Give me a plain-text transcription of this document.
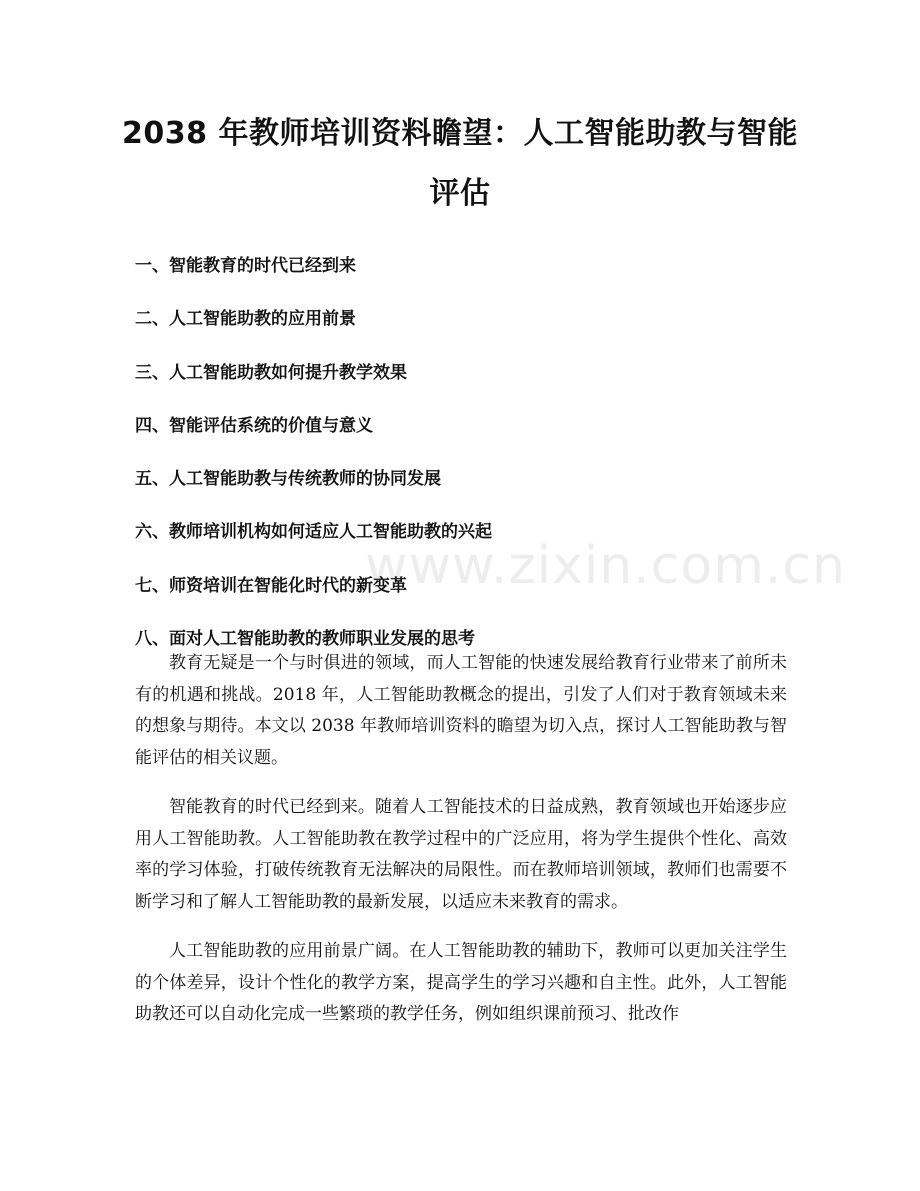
2038 年教师培训资料瞻望：人工智能助教与智能评估
一、智能教育的时代已经到来
二、人工智能助教的应用前景
三、人工智能助教如何提升教学效果
四、智能评估系统的价值与意义
五、人工智能助教与传统教师的协同发展
六、教师培训机构如何适应人工智能助教的兴起
七、师资培训在智能化时代的新变革
八、面对人工智能助教的教师职业发展的思考

教育无疑是一个与时俱进的领域，而人工智能的快速发展给教育行业带来了前所未有的机遇和挑战。2018 年，人工智能助教概念的提出，引发了人们对于教育领域未来的想象与期待。本文以 2038 年教师培训资料的瞻望为切入点，探讨人工智能助教与智能评估的相关议题。

智能教育的时代已经到来。随着人工智能技术的日益成熟，教育领域也开始逐步应用人工智能助教。人工智能助教在教学过程中的广泛应用，将为学生提供个性化、高效率的学习体验，打破传统教育无法解决的局限性。而在教师培训领域，教师们也需要不断学习和了解人工智能助教的最新发展，以适应未来教育的需求。

人工智能助教的应用前景广阔。在人工智能助教的辅助下，教师可以更加关注学生的个体差异，设计个性化的教学方案，提高学生的学习兴趣和自主性。此外，人工智能助教还可以自动化完成一些繁琐的教学任务，例如组织课前预习、批改作

www.zixin.com.cn
